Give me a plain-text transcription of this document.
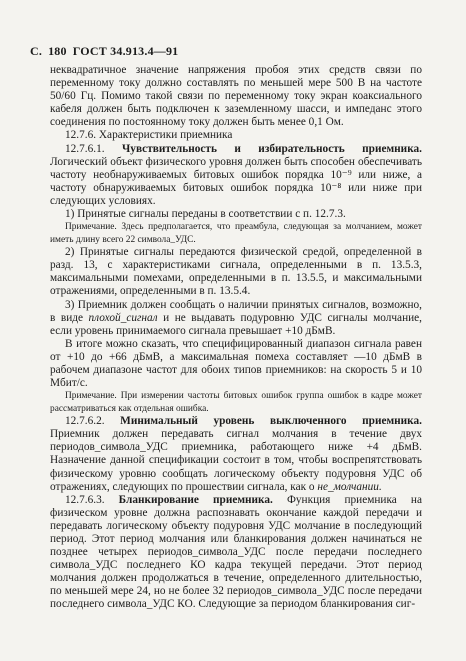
С. 180 ГОСТ 34.913.4—91

неквадратичное значение напряжения пробоя этих средств связи по переменному току должно составлять по меньшей мере 500 В на частоте 50/60 Гц. Помимо такой связи по переменному току экран коаксиального кабеля должен быть подключен к заземленному шасси, и импеданс этого соединения по постоянному току должен быть менее 0,1 Ом.

12.7.6. Характеристики приемника

12.7.6.1. Чувствительность и избирательность приемника. Логический объект физического уровня должен быть способен обеспечивать частоту необнаруживаемых битовых ошибок порядка 10⁻⁹ или ниже, а частоту обнаруживаемых битовых ошибок порядка 10⁻⁸ или ниже при следующих условиях.

1) Принятые сигналы переданы в соответствии с п. 12.7.3.

Примечание. Здесь предполагается, что преамбула, следующая за молчанием, может иметь длину всего 22 символа_УДС.

2) Принятые сигналы передаются физической средой, определенной в разд. 13, с характеристиками сигнала, определенными в п. 13.5.3, максимальными помехами, определенными в п. 13.5.5, и максимальными отражениями, определенными в п. 13.5.4.

3) Приемник должен сообщать о наличии принятых сигналов, возможно, в виде плохой_сигнал и не выдавать подуровню УДС сигналы молчание, если уровень принимаемого сигнала превышает +10 дБмВ.

В итоге можно сказать, что специфицированный диапазон сигнала равен от +10 до +66 дБмВ, а максимальная помеха составляет —10 дБмВ в рабочем диапазоне частот для обоих типов приемников: на скорость 5 и 10 Мбит/с.

Примечание. При измерении частоты битовых ошибок группа ошибок в кадре может рассматриваться как отдельная ошибка.

12.7.6.2. Минимальный уровень выключенного приемника. Приемник должен передавать сигнал молчания в течение двух периодов_символа_УДС приемника, работающего ниже +4 дБмВ. Назначение данной спецификации состоит в том, чтобы воспрепятствовать физическому уровню сообщать логическому объекту подуровня УДС об отражениях, следующих по прошествии сигнала, как о не_молчании.

12.7.6.3. Бланкирование приемника. Функция приемника на физическом уровне должна распознавать окончание каждой передачи и передавать логическому объекту подуровня УДС молчание в последующий период. Этот период молчания или бланкирования должен начинаться не позднее четырех периодов_символа_УДС после передачи последнего символа_УДС последнего КО кадра текущей передачи. Этот период молчания должен продолжаться в течение, определенного длительностью, по меньшей мере 24, но не более 32 периодов_символа_УДС после передачи последнего символа_УДС КО. Следующие за периодом бланкирования сиг-
